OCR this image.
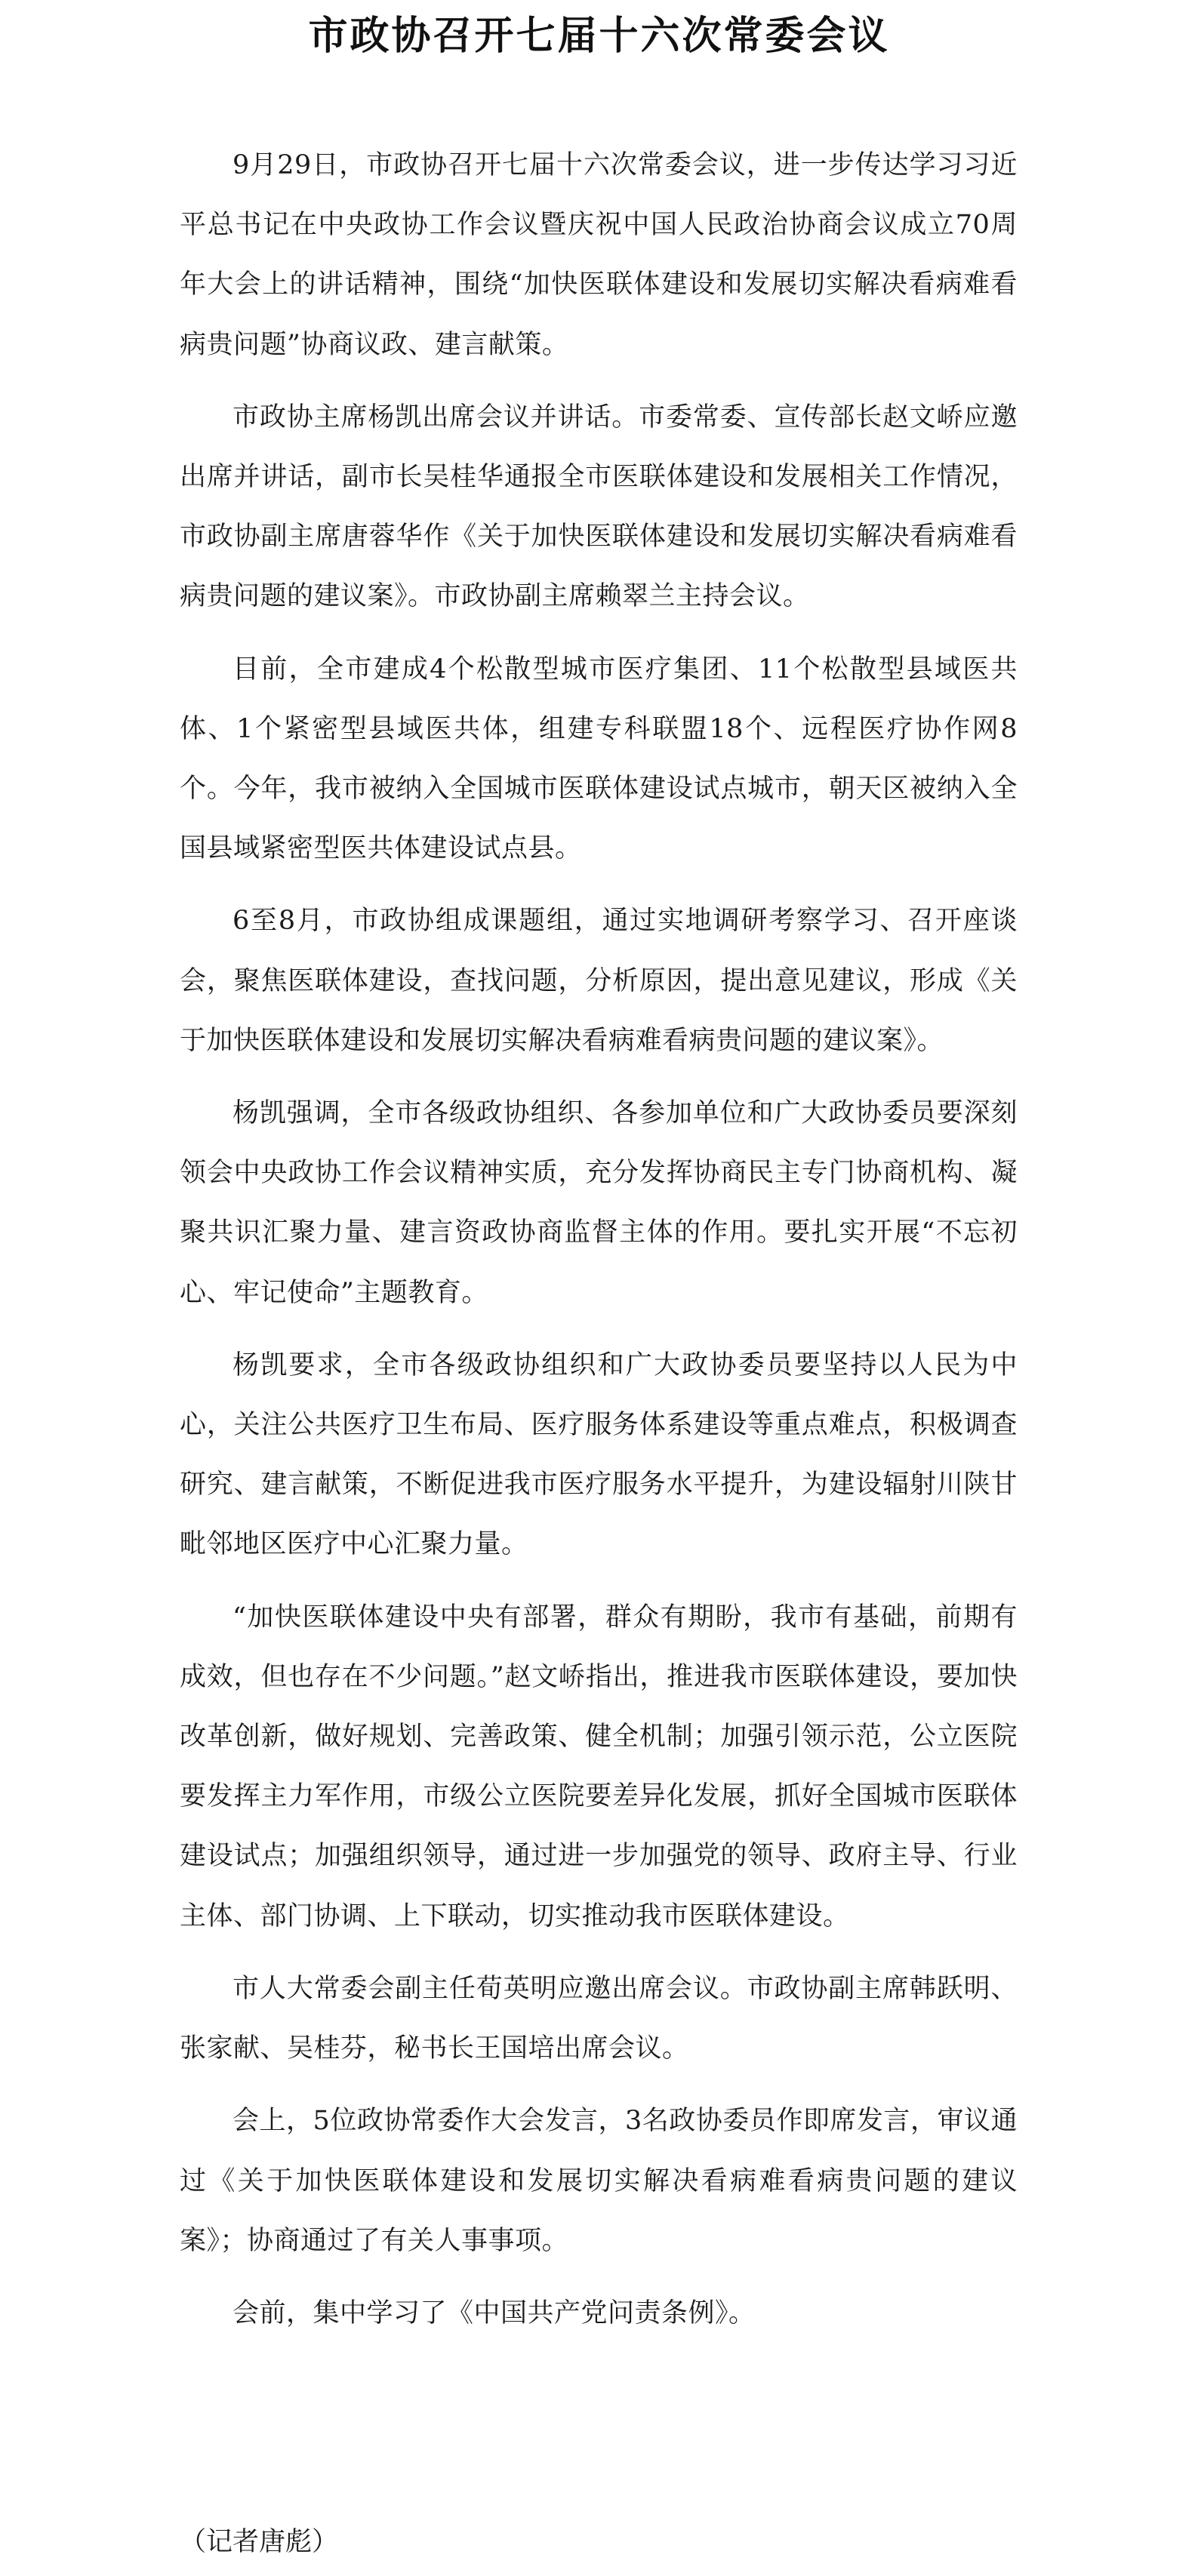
市政协召开七届十六次常委会议

9月29日，市政协召开七届十六次常委会议，进一步传达学习习近平总书记在中央政协工作会议暨庆祝中国人民政治协商会议成立70周年大会上的讲话精神，围绕“加快医联体建设和发展切实解决看病难看病贵问题”协商议政、建言献策。

市政协主席杨凯出席会议并讲话。市委常委、宣传部长赵文峤应邀出席并讲话，副市长吴桂华通报全市医联体建设和发展相关工作情况，市政协副主席唐蓉华作《关于加快医联体建设和发展切实解决看病难看病贵问题的建议案》。市政协副主席赖翠兰主持会议。

目前，全市建成4个松散型城市医疗集团、11个松散型县域医共体、1个紧密型县域医共体，组建专科联盟18个、远程医疗协作网8个。今年，我市被纳入全国城市医联体建设试点城市，朝天区被纳入全国县域紧密型医共体建设试点县。

6至8月，市政协组成课题组，通过实地调研考察学习、召开座谈会，聚焦医联体建设，查找问题，分析原因，提出意见建议，形成《关于加快医联体建设和发展切实解决看病难看病贵问题的建议案》。

杨凯强调，全市各级政协组织、各参加单位和广大政协委员要深刻领会中央政协工作会议精神实质，充分发挥协商民主专门协商机构、凝聚共识汇聚力量、建言资政协商监督主体的作用。要扎实开展“不忘初心、牢记使命”主题教育。

杨凯要求，全市各级政协组织和广大政协委员要坚持以人民为中心，关注公共医疗卫生布局、医疗服务体系建设等重点难点，积极调查研究、建言献策，不断促进我市医疗服务水平提升，为建设辐射川陕甘毗邻地区医疗中心汇聚力量。

“加快医联体建设中央有部署，群众有期盼，我市有基础，前期有成效，但也存在不少问题。”赵文峤指出，推进我市医联体建设，要加快改革创新，做好规划、完善政策、健全机制；加强引领示范，公立医院要发挥主力军作用，市级公立医院要差异化发展，抓好全国城市医联体建设试点；加强组织领导，通过进一步加强党的领导、政府主导、行业主体、部门协调、上下联动，切实推动我市医联体建设。

市人大常委会副主任荀英明应邀出席会议。市政协副主席韩跃明、张家献、吴桂芬，秘书长王国培出席会议。

会上，5位政协常委作大会发言，3名政协委员作即席发言，审议通过《关于加快医联体建设和发展切实解决看病难看病贵问题的建议案》；协商通过了有关人事事项。

会前，集中学习了《中国共产党问责条例》。

（记者唐彪）
